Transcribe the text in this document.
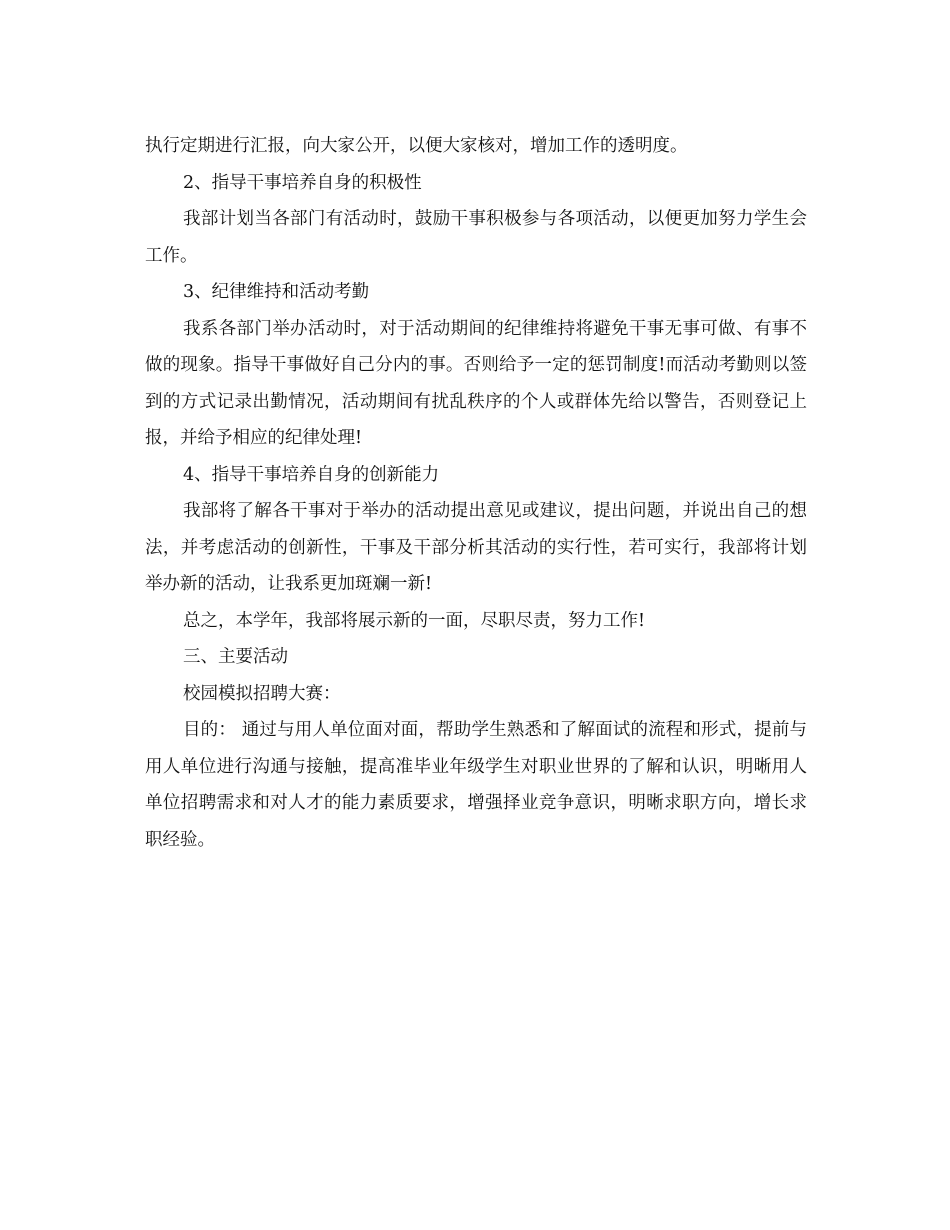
执行定期进行汇报，向大家公开，以便大家核对，增加工作的透明度。

2、指导干事培养自身的积极性

我部计划当各部门有活动时，鼓励干事积极参与各项活动，以便更加努力学生会工作。

3、纪律维持和活动考勤

我系各部门举办活动时，对于活动期间的纪律维持将避免干事无事可做、有事不做的现象。指导干事做好自己分内的事。否则给予一定的惩罚制度!而活动考勤则以签到的方式记录出勤情况，活动期间有扰乱秩序的个人或群体先给以警告，否则登记上报，并给予相应的纪律处理!

4、指导干事培养自身的创新能力

我部将了解各干事对于举办的活动提出意见或建议，提出问题，并说出自己的想法，并考虑活动的创新性，干事及干部分析其活动的实行性，若可实行，我部将计划举办新的活动，让我系更加斑斓一新!

总之，本学年，我部将展示新的一面，尽职尽责，努力工作!

三、主要活动

校园模拟招聘大赛：

目的： 通过与用人单位面对面，帮助学生熟悉和了解面试的流程和形式，提前与用人单位进行沟通与接触，提高准毕业年级学生对职业世界的了解和认识，明晰用人单位招聘需求和对人才的能力素质要求，增强择业竞争意识，明晰求职方向，增长求职经验。
